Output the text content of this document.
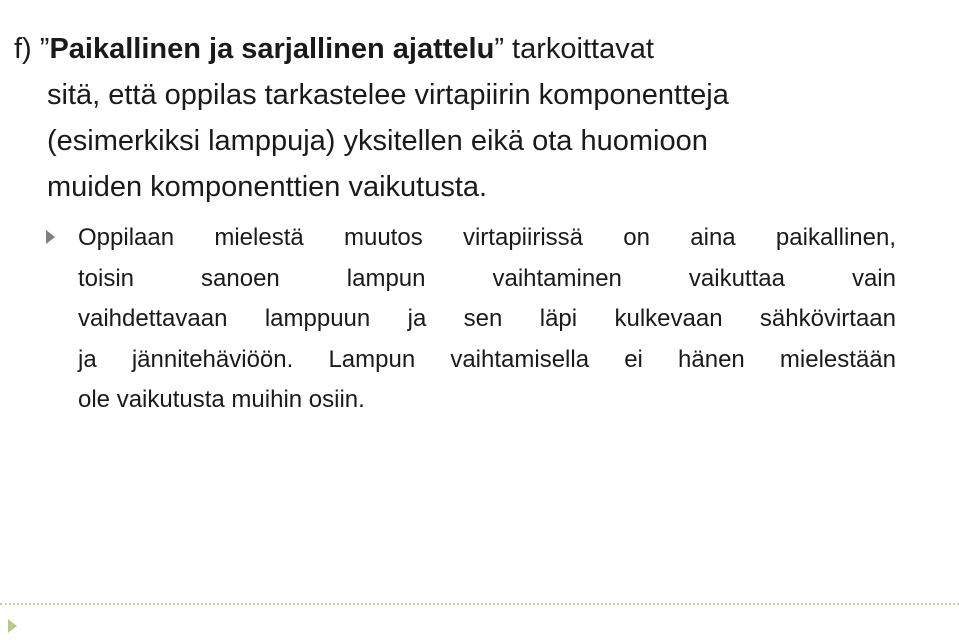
f) ”Paikallinen ja sarjallinen ajattelu” tarkoittavat
sitä, että oppilas tarkastelee virtapiirin komponentteja
(esimerkiksi lamppuja) yksitellen eikä ota huomioon
muiden komponenttien vaikutusta.
Oppilaan mielestä muutos virtapiirissä on aina paikallinen,
toisin sanoen lampun vaihtaminen vaikuttaa vain
vaihdettavaan lamppuun ja sen läpi kulkevaan sähkövirtaan
ja jännitehäviöön. Lampun vaihtamisella ei hänen mielestään
ole vaikutusta muihin osiin.
